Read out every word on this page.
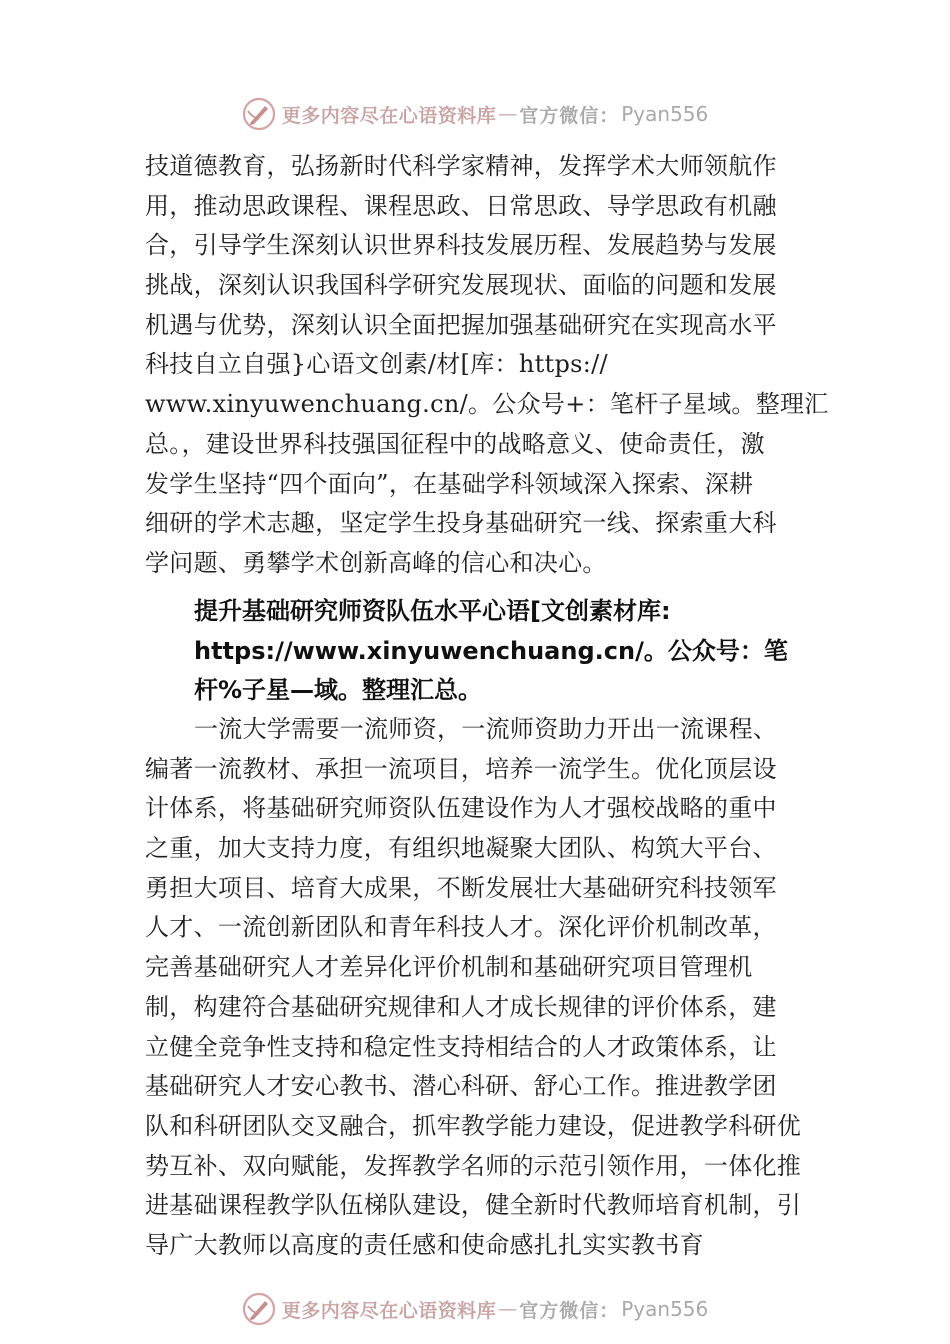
更多内容尽在心语资料库 — 官方微信： Pyan556
技道德教育，弘扬新时代科学家精神，发挥学术大师领航作
用，推动思政课程、课程思政、日常思政、导学思政有机融
合，引导学生深刻认识世界科技发展历程、发展趋势与发展
挑战，深刻认识我国科学研究发展现状、面临的问题和发展
机遇与优势，深刻认识全面把握加强基础研究在实现高水平
科技自立自强}心语文创素/材[库：https://
www.xinyuwenchuang.cn/。公众号+：笔杆子星域。整理汇
总。，建设世界科技强国征程中的战略意义、使命责任，激
发学生坚持“四个面向”，在基础学科领域深入探索、深耕
细研的学术志趣，坚定学生投身基础研究一线、探索重大科
学问题、勇攀学术创新高峰的信心和决心。
提升基础研究师资队伍水平心语[文创素材库:
https://www.xinyuwenchuang.cn/。公众号：笔
杆%子星—域。整理汇总。
一流大学需要一流师资，一流师资助力开出一流课程、
编著一流教材、承担一流项目，培养一流学生。优化顶层设
计体系，将基础研究师资队伍建设作为人才强校战略的重中
之重，加大支持力度，有组织地凝聚大团队、构筑大平台、
勇担大项目、培育大成果，不断发展壮大基础研究科技领军
人才、一流创新团队和青年科技人才。深化评价机制改革，
完善基础研究人才差异化评价机制和基础研究项目管理机
制，构建符合基础研究规律和人才成长规律的评价体系，建
立健全竞争性支持和稳定性支持相结合的人才政策体系，让
基础研究人才安心教书、潜心科研、舒心工作。推进教学团
队和科研团队交叉融合，抓牢教学能力建设，促进教学科研优
势互补、双向赋能，发挥教学名师的示范引领作用，一体化推
进基础课程教学队伍梯队建设，健全新时代教师培育机制，引
导广大教师以高度的责任感和使命感扎扎实实教书育
更多内容尽在心语资料库 — 官方微信： Pyan556
